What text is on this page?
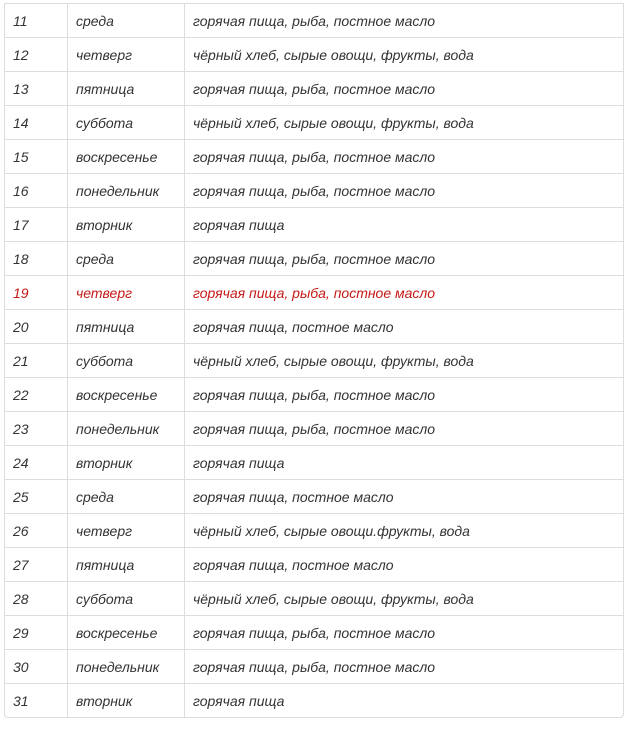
11	среда	горячая пища, рыба, постное масло
12	четверг	чёрный хлеб, сырые овощи, фрукты, вода
13	пятница	горячая пища, рыба, постное масло
14	суббота	чёрный хлеб, сырые овощи, фрукты, вода
15	воскресенье	горячая пища, рыба, постное масло
16	понедельник	горячая пища, рыба, постное масло
17	вторник	горячая пища
18	среда	горячая пища, рыба, постное масло
19	четверг	горячая пища, рыба, постное масло
20	пятница	горячая пища, постное масло
21	суббота	чёрный хлеб, сырые овощи, фрукты, вода
22	воскресенье	горячая пища, рыба, постное масло
23	понедельник	горячая пища, рыба, постное масло
24	вторник	горячая пища
25	среда	горячая пища, постное масло
26	четверг	чёрный хлеб, сырые овощи.фрукты, вода
27	пятница	горячая пища, постное масло
28	суббота	чёрный хлеб, сырые овощи, фрукты, вода
29	воскресенье	горячая пища, рыба, постное масло
30	понедельник	горячая пища, рыба, постное масло
31	вторник	горячая пища
